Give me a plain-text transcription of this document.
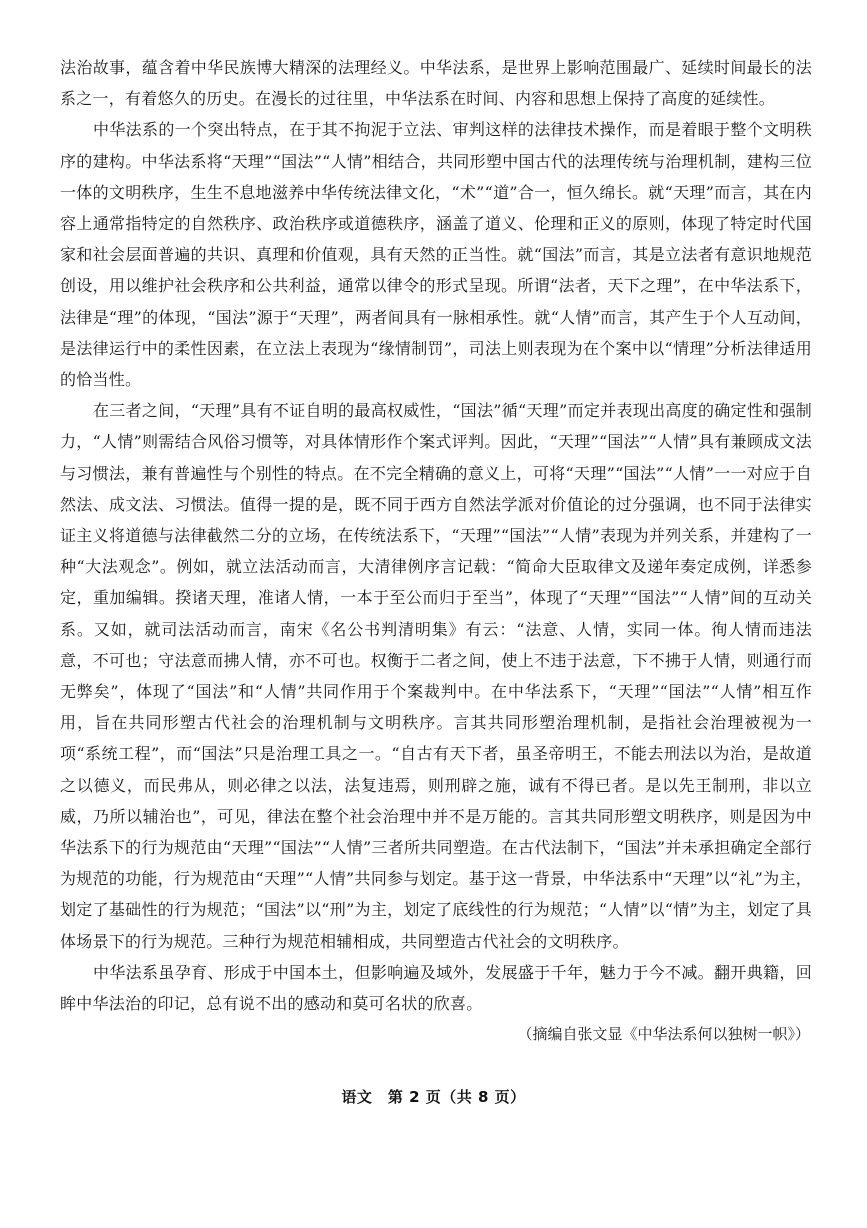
法治故事，蕴含着中华民族博大精深的法理经义。中华法系，是世界上影响范围最广、延续时间最长的法系之一，有着悠久的历史。在漫长的过往里，中华法系在时间、内容和思想上保持了高度的延续性。

中华法系的一个突出特点，在于其不拘泥于立法、审判这样的法律技术操作，而是着眼于整个文明秩序的建构。中华法系将“天理”“国法”“人情”相结合，共同形塑中国古代的法理传统与治理机制，建构三位一体的文明秩序，生生不息地滋养中华传统法律文化，“术”“道”合一，恒久绵长。就“天理”而言，其在内容上通常指特定的自然秩序、政治秩序或道德秩序，涵盖了道义、伦理和正义的原则，体现了特定时代国家和社会层面普遍的共识、真理和价值观，具有天然的正当性。就“国法”而言，其是立法者有意识地规范创设，用以维护社会秩序和公共利益，通常以律令的形式呈现。所谓“法者，天下之理”，在中华法系下，法律是“理”的体现，“国法”源于“天理”，两者间具有一脉相承性。就“人情”而言，其产生于个人互动间，是法律运行中的柔性因素，在立法上表现为“缘情制罚”，司法上则表现为在个案中以“情理”分析法律适用的恰当性。

在三者之间，“天理”具有不证自明的最高权威性，“国法”循“天理”而定并表现出高度的确定性和强制力，“人情”则需结合风俗习惯等，对具体情形作个案式评判。因此，“天理”“国法”“人情”具有兼顾成文法与习惯法，兼有普遍性与个别性的特点。在不完全精确的意义上，可将“天理”“国法”“人情”一一对应于自然法、成文法、习惯法。值得一提的是，既不同于西方自然法学派对价值论的过分强调，也不同于法律实证主义将道德与法律截然二分的立场，在传统法系下，“天理”“国法”“人情”表现为并列关系，并建构了一种“大法观念”。例如，就立法活动而言，大清律例序言记载：“简命大臣取律文及递年奏定成例，详悉参定，重加编辑。揆诸天理，准诸人情，一本于至公而归于至当”，体现了“天理”“国法”“人情”间的互动关系。又如，就司法活动而言，南宋《名公书判清明集》有云：“法意、人情，实同一体。徇人情而违法意，不可也；守法意而拂人情，亦不可也。权衡于二者之间，使上不违于法意，下不拂于人情，则通行而无弊矣”，体现了“国法”和“人情”共同作用于个案裁判中。在中华法系下，“天理”“国法”“人情”相互作用，旨在共同形塑古代社会的治理机制与文明秩序。言其共同形塑治理机制，是指社会治理被视为一项“系统工程”，而“国法”只是治理工具之一。“自古有天下者，虽圣帝明王，不能去刑法以为治，是故道之以德义，而民弗从，则必律之以法，法复违焉，则刑辟之施，诚有不得已者。是以先王制刑，非以立威，乃所以辅治也”，可见，律法在整个社会治理中并不是万能的。言其共同形塑文明秩序，则是因为中华法系下的行为规范由“天理”“国法”“人情”三者所共同塑造。在古代法制下，“国法”并未承担确定全部行为规范的功能，行为规范由“天理”“人情”共同参与划定。基于这一背景，中华法系中“天理”以“礼”为主，划定了基础性的行为规范；“国法”以“刑”为主，划定了底线性的行为规范；“人情”以“情”为主，划定了具体场景下的行为规范。三种行为规范相辅相成，共同塑造古代社会的文明秩序。

中华法系虽孕育、形成于中国本土，但影响遍及域外，发展盛于千年，魅力于今不减。翻开典籍，回眸中华法治的印记，总有说不出的感动和莫可名状的欣喜。

（摘编自张文显《中华法系何以独树一帜》）

语文　第 2 页（共 8 页）
